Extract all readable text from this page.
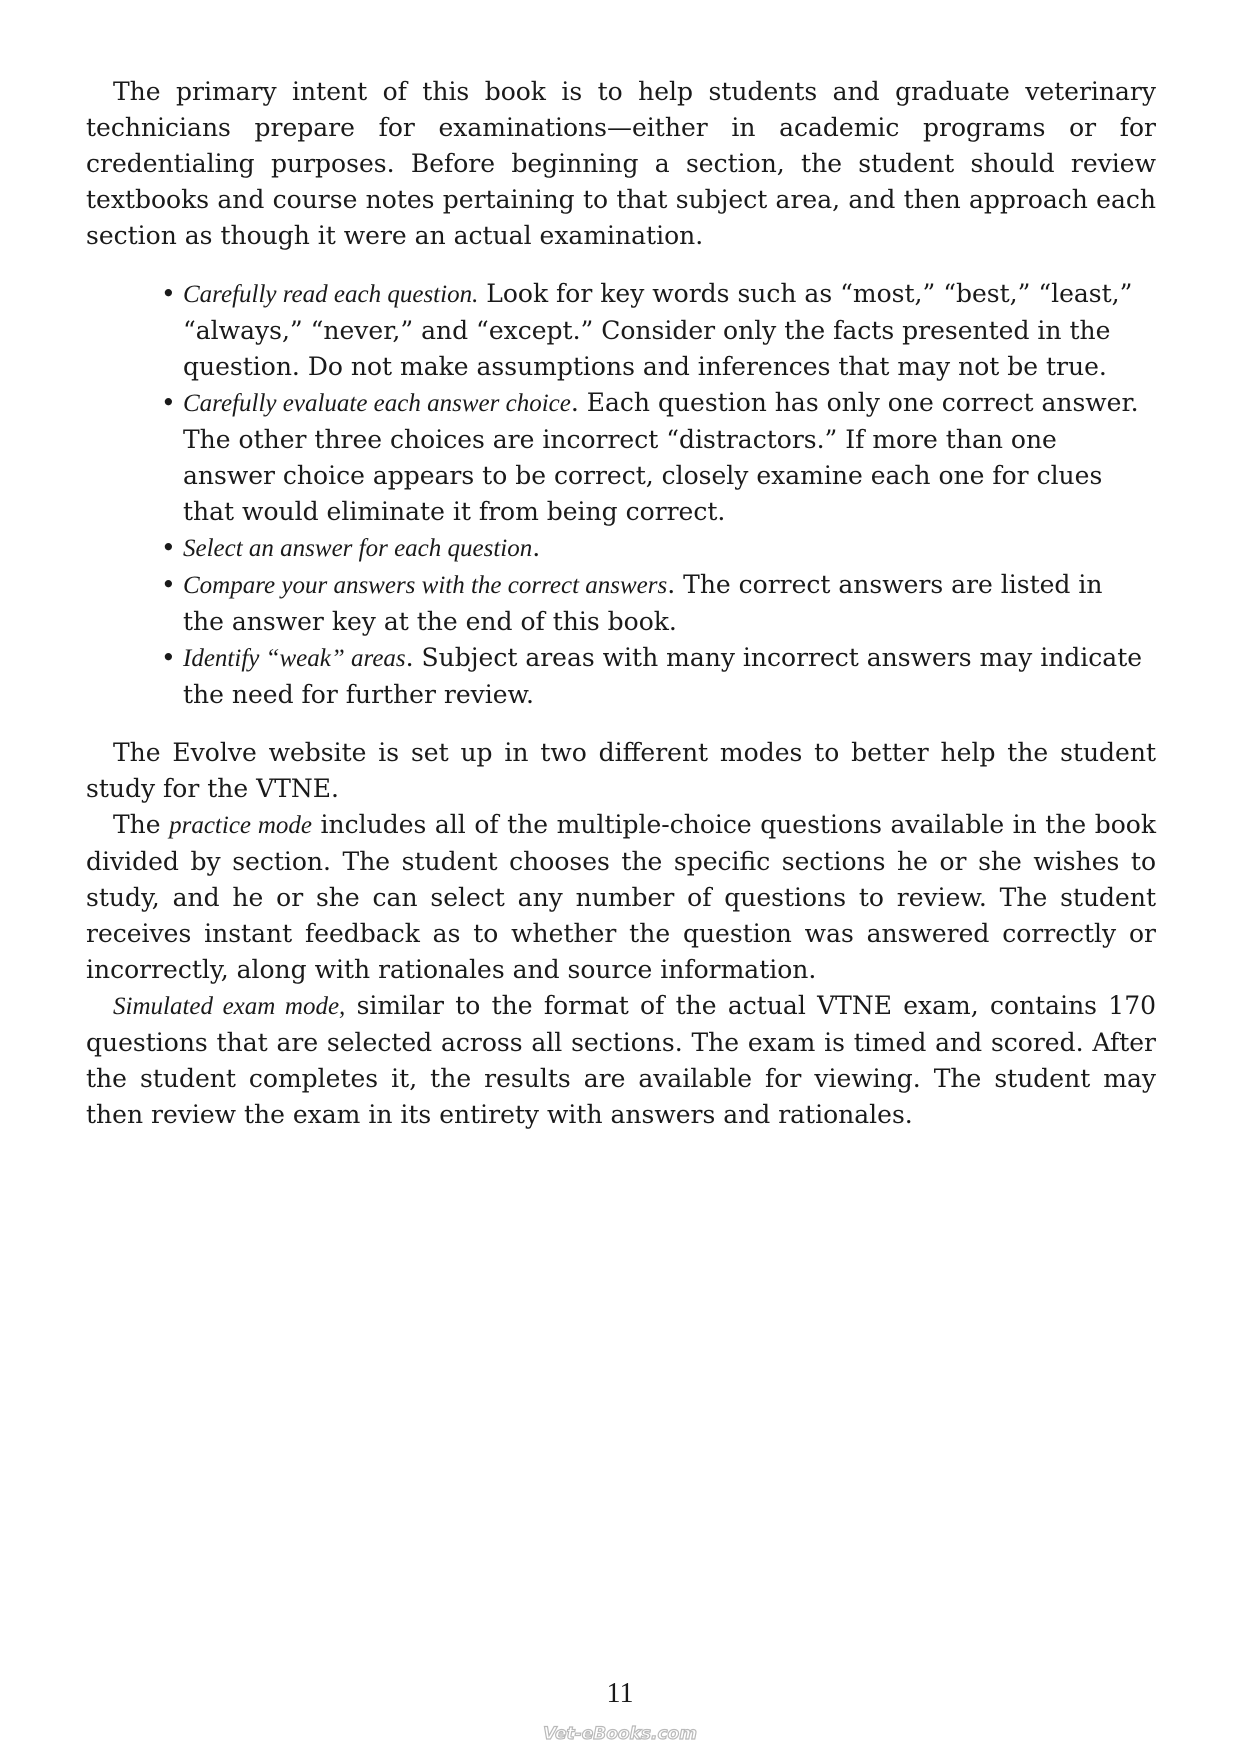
The primary intent of this book is to help students and graduate veterinary technicians prepare for examinations—either in academic programs or for credentialing purposes. Before beginning a section, the student should review textbooks and course notes pertaining to that subject area, and then approach each section as though it were an actual examination.

• Carefully read each question. Look for key words such as “most,” “best,” “least,” “always,” “never,” and “except.” Consider only the facts presented in the question. Do not make assumptions and inferences that may not be true.
• Carefully evaluate each answer choice. Each question has only one correct answer. The other three choices are incorrect “distractors.” If more than one answer choice appears to be correct, closely examine each one for clues that would eliminate it from being correct.
• Select an answer for each question.
• Compare your answers with the correct answers. The correct answers are listed in the answer key at the end of this book.
• Identify “weak” areas. Subject areas with many incorrect answers may indicate the need for further review.

The Evolve website is set up in two different modes to better help the student study for the VTNE.

The practice mode includes all of the multiple-choice questions available in the book divided by section. The student chooses the specific sections he or she wishes to study, and he or she can select any number of questions to review. The student receives instant feedback as to whether the question was answered correctly or incorrectly, along with rationales and source information.

Simulated exam mode, similar to the format of the actual VTNE exam, contains 170 questions that are selected across all sections. The exam is timed and scored. After the student completes it, the results are available for viewing. The student may then review the exam in its entirety with answers and rationales.

11
Vet-eBooks.com
